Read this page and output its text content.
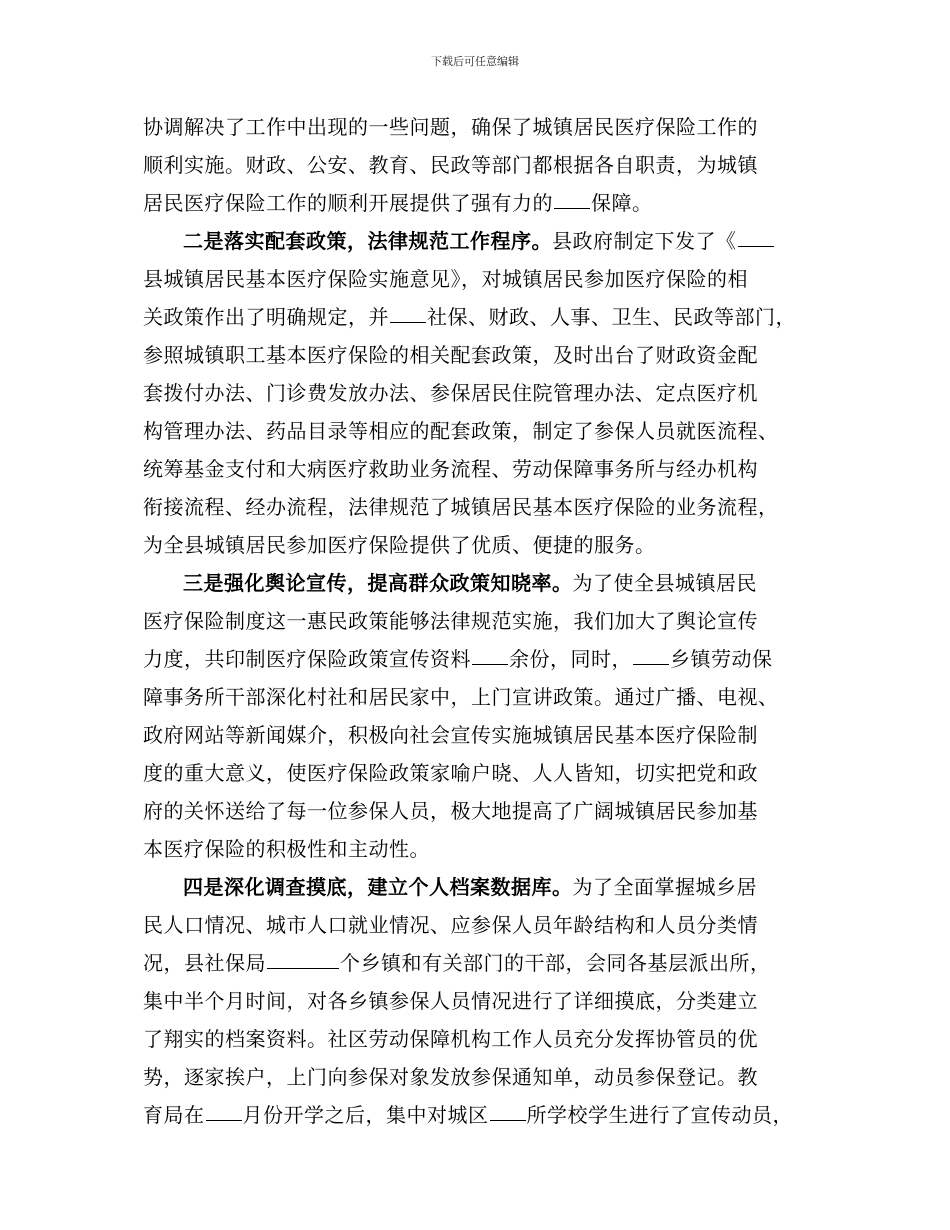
下载后可任意编辑
协调解决了工作中出现的一些问题，确保了城镇居民医疗保险工作的
顺利实施。财政、公安、教育、民政等部门都根据各自职责，为城镇
居民医疗保险工作的顺利开展提供了强有力的 保障。
二是落实配套政策，法律规范工作程序。县政府制定下发了《
县城镇居民基本医疗保险实施意见》，对城镇居民参加医疗保险的相
关政策作出了明确规定，并 社保、财政、人事、卫生、民政等部门，
参照城镇职工基本医疗保险的相关配套政策，及时出台了财政资金配
套拨付办法、门诊费发放办法、参保居民住院管理办法、定点医疗机
构管理办法、药品目录等相应的配套政策，制定了参保人员就医流程、
统筹基金支付和大病医疗救助业务流程、劳动保障事务所与经办机构
衔接流程、经办流程，法律规范了城镇居民基本医疗保险的业务流程，
为全县城镇居民参加医疗保险提供了优质、便捷的服务。
三是强化舆论宣传，提高群众政策知晓率。为了使全县城镇居民
医疗保险制度这一惠民政策能够法律规范实施，我们加大了舆论宣传
力度，共印制医疗保险政策宣传资料 余份，同时， 乡镇劳动保
障事务所干部深化村社和居民家中，上门宣讲政策。通过广播、电视、
政府网站等新闻媒介，积极向社会宣传实施城镇居民基本医疗保险制
度的重大意义，使医疗保险政策家喻户晓、人人皆知，切实把党和政
府的关怀送给了每一位参保人员，极大地提高了广阔城镇居民参加基
本医疗保险的积极性和主动性。
四是深化调查摸底，建立个人档案数据库。为了全面掌握城乡居
民人口情况、城市人口就业情况、应参保人员年龄结构和人员分类情
况，县社保局	个乡镇和有关部门的干部，会同各基层派出所，
集中半个月时间，对各乡镇参保人员情况进行了详细摸底，分类建立
了翔实的档案资料。社区劳动保障机构工作人员充分发挥协管员的优
势，逐家挨户，上门向参保对象发放参保通知单，动员参保登记。教
育局在 月份开学之后，集中对城区 所学校学生进行了宣传动员，
